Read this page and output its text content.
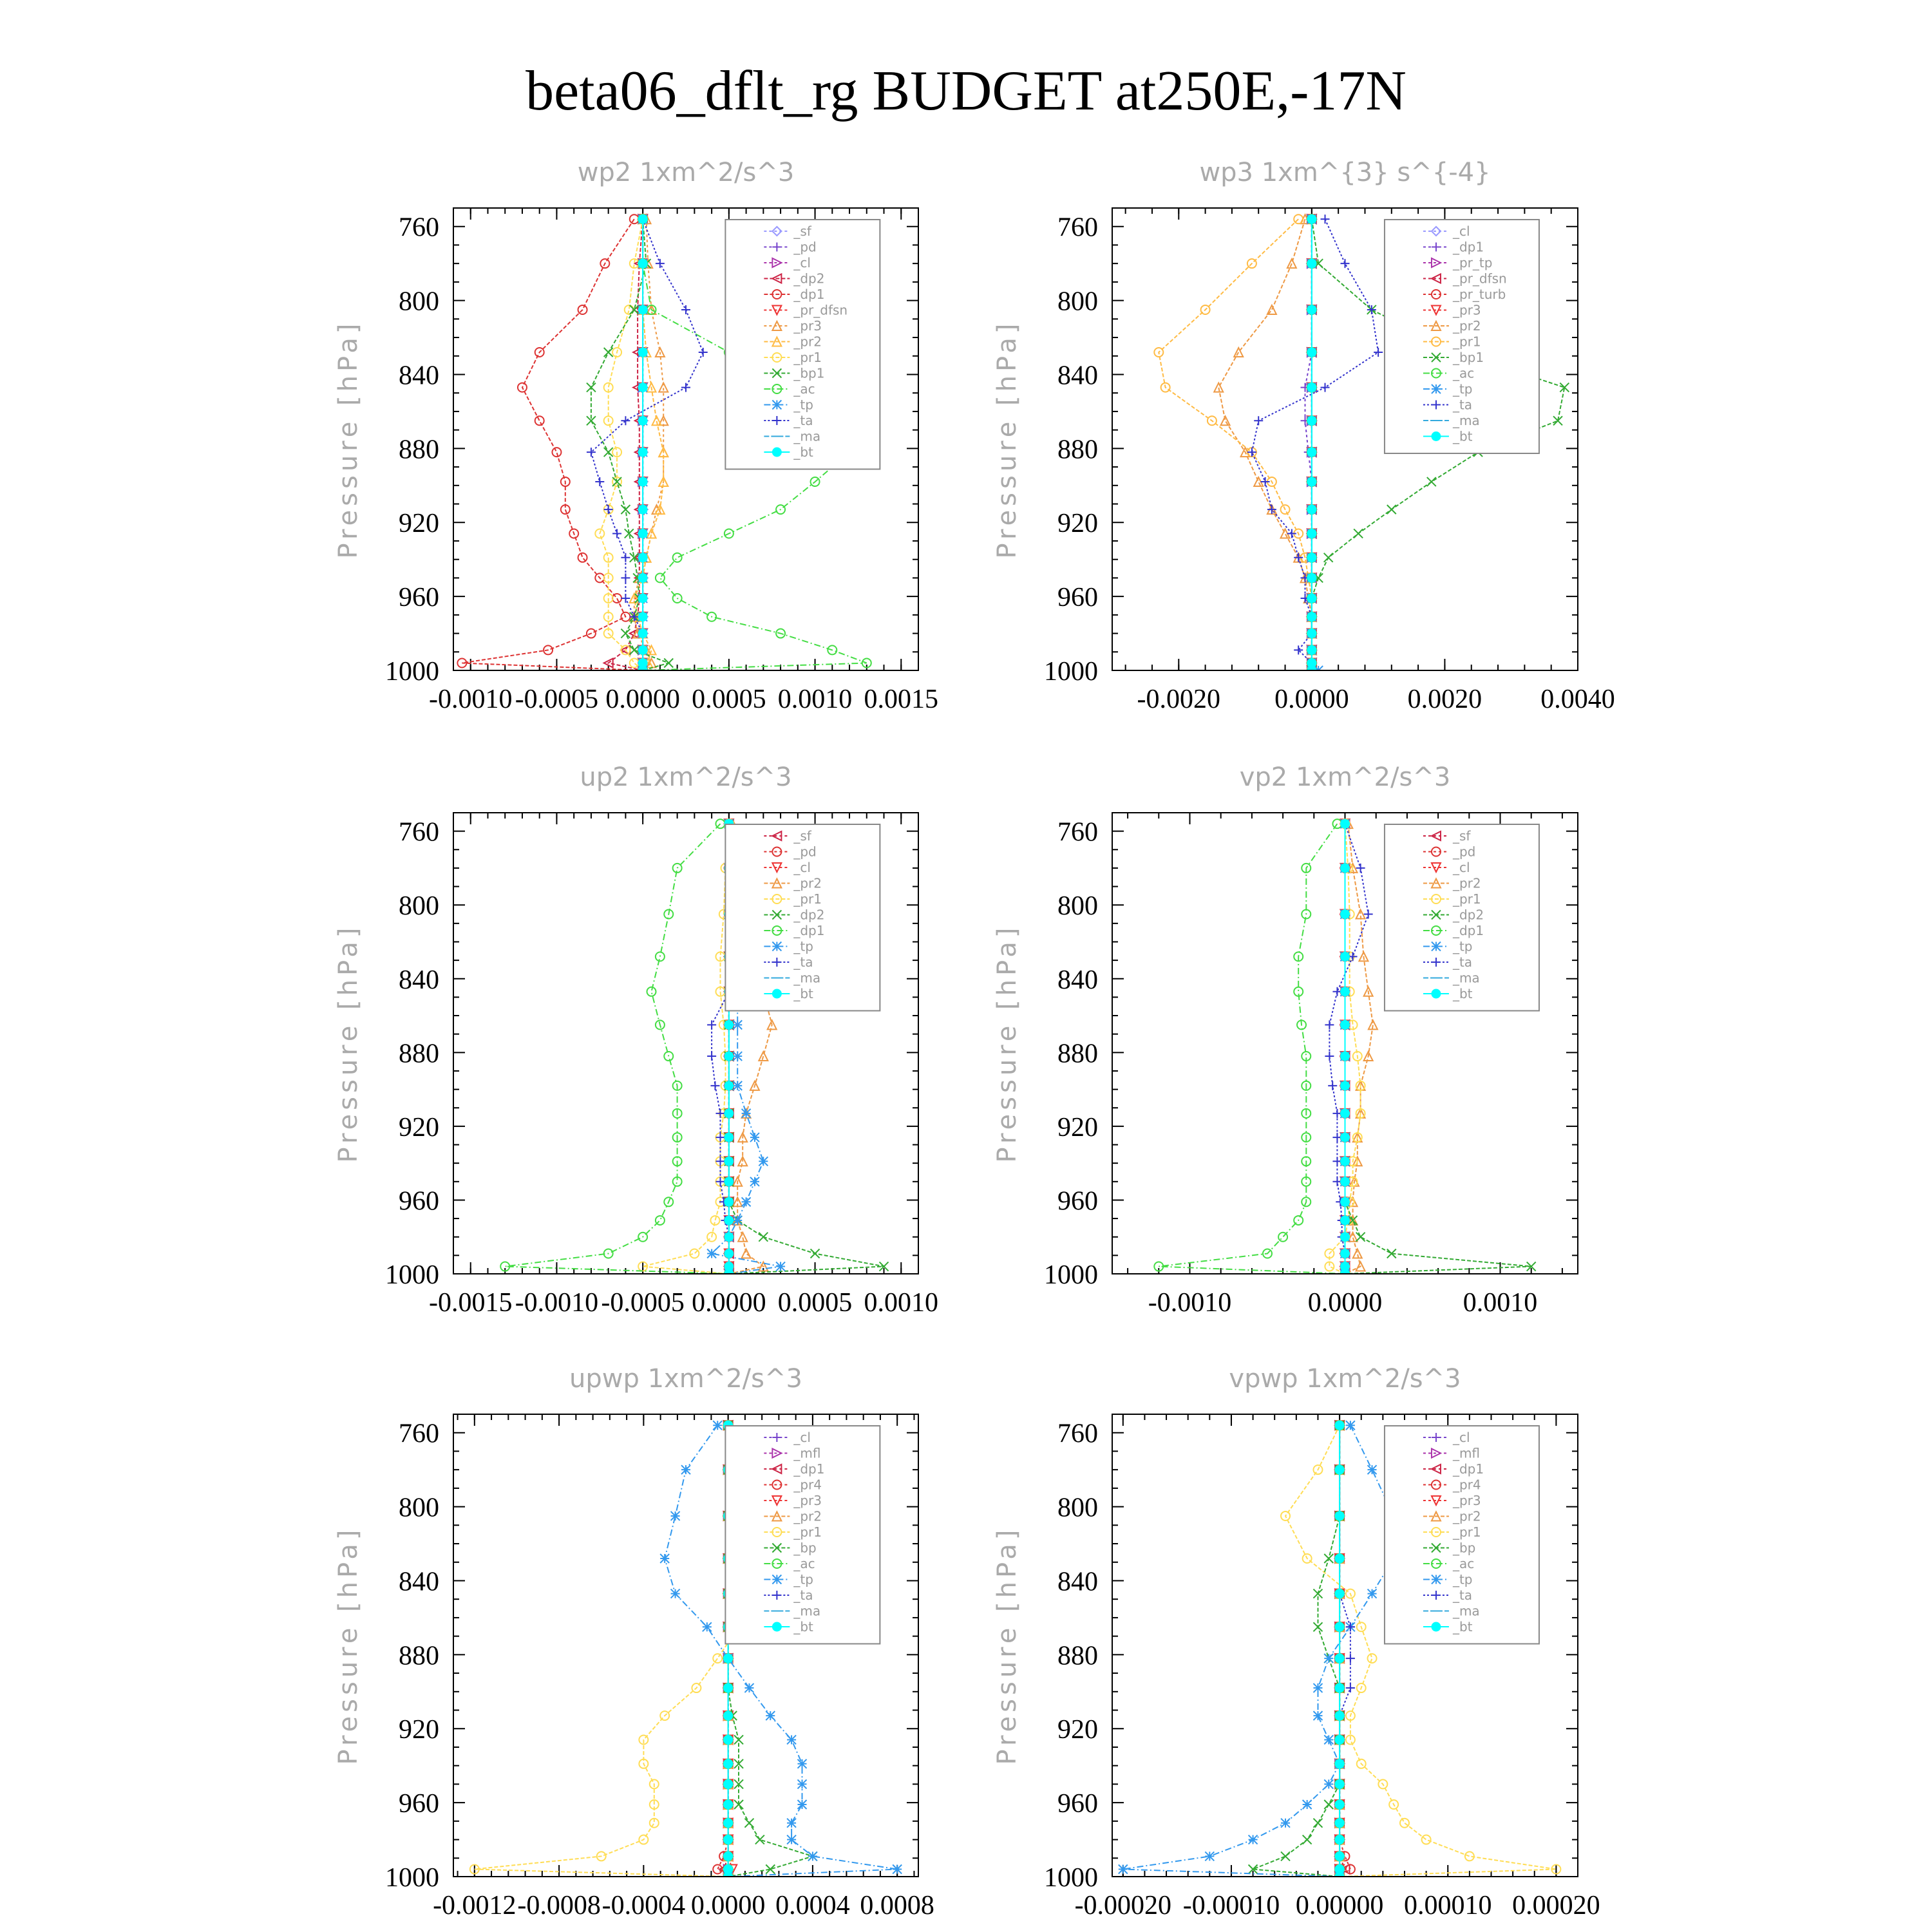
beta06_dflt_rg BUDGET at250E,-17N
wp2 1xm^2/s^3
Pressure [hPa]
760
800
840
880
920
960
1000
-0.0010 -0.0005 0.0000 0.0005 0.0010 0.0015
_sf
_pd
_cl
_dp2
_dp1
_pr_dfsn
_pr3
_pr2
_pr1
_bp1
_ac
_tp
_ta
_ma
_bt
wp3 1xm^{3} s^{-4}
Pressure [hPa]
760
800
840
880
920
960
1000
-0.0020 0.0000 0.0020 0.0040
_cl
_dp1
_pr_tp
_pr_dfsn
_pr_turb
_pr3
_pr2
_pr1
_bp1
_ac
_tp
_ta
_ma
_bt
up2 1xm^2/s^3
Pressure [hPa]
760
800
840
880
920
960
1000
-0.0015 -0.0010 -0.0005 0.0000 0.0005 0.0010
_sf
_pd
_cl
_pr2
_pr1
_dp2
_dp1
_tp
_ta
_ma
_bt
vp2 1xm^2/s^3
Pressure [hPa]
760
800
840
880
920
960
1000
-0.0010	0.0000	0.0010
_sf
_pd
_cl
_pr2
_pr1
_dp2
_dp1
_tp
_ta
_ma
_bt
upwp 1xm^2/s^3
Pressure [hPa]
760
800
840
880
920
960
1000
-0.0012 -0.0008 -0.0004 0.0000 0.0004 0.0008
_cl
_mfl
_dp1
_pr4
_pr3
_pr2
_pr1
_bp
_ac
_tp
_ta
_ma
_bt
vpwp 1xm^2/s^3
Pressure [hPa]
760
800
840
880
920
960
1000
-0.00020 -0.00010 0.00000 0.00010 0.00020
_cl
_mfl
_dp1
_pr4
_pr3
_pr2
_pr1
_bp
_ac
_tp
_ta
_ma
_bt
